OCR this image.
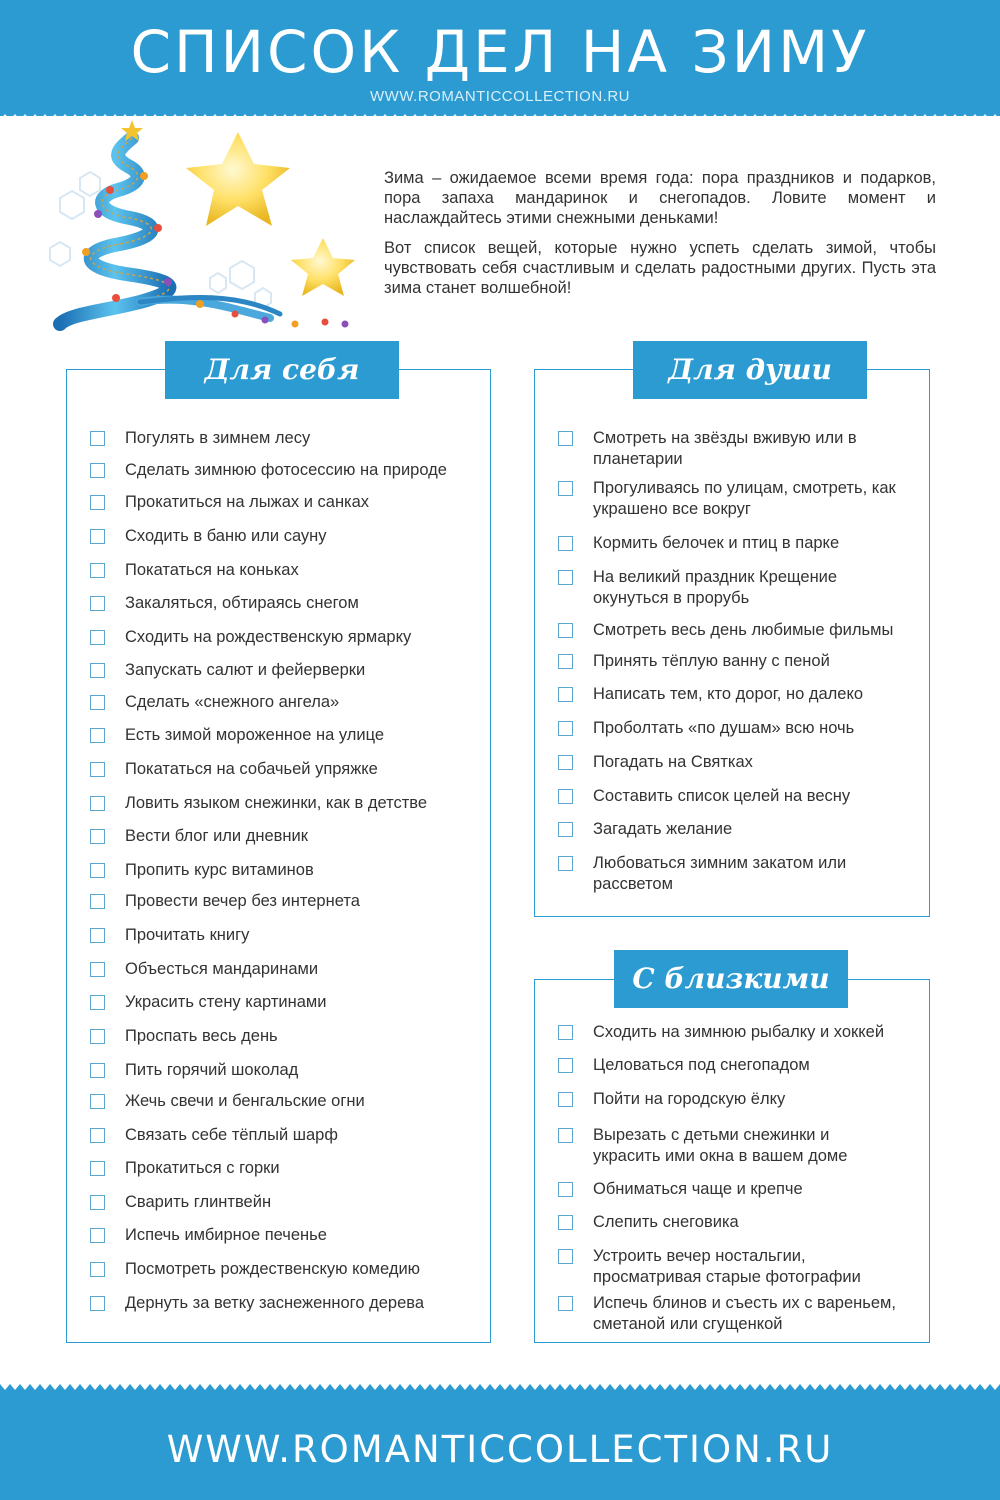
СПИСОК ДЕЛ НА ЗИМУ
WWW.ROMANTICCOLLECTION.RU

Зима – ожидаемое всеми время года: пора праздников и подарков, пора запаха мандаринок и снегопадов. Ловите момент и наслаждайтесь этими снежными деньками!

Вот список вещей, которые нужно успеть сделать зимой, чтобы чувствовать себя счастливым и сделать радостными других. Пусть эта зима станет волшебной!

Погулять в зимнем лесу
Сделать зимнюю фотосессию на природе
Прокатиться на лыжах и санках
Сходить в баню или сауну
Покататься на коньках
Закаляться, обтираясь снегом
Сходить на рождественскую ярмарку
Запускать салют и фейерверки
Сделать «снежного ангела»
Есть зимой мороженное на улице
Покататься на собачьей упряжке
Ловить языком снежинки, как в детстве
Вести блог или дневник
Пропить курс витаминов
Провести вечер без интернета
Прочитать книгу
Объесться мандаринами
Украсить стену картинами
Проспать весь день
Пить горячий шоколад
Жечь свечи и бенгальские огни
Связать себе тёплый шарф
Прокатиться с горки
Сварить глинтвейн
Испечь имбирное печенье
Посмотреть рождественскую комедию
Дернуть за ветку заснеженного дерева
Для себя
Смотреть на звёзды вживую или в планетарии
Прогуливаясь по улицам, смотреть, как украшено все вокруг
Кормить белочек и птиц в парке
На великий праздник Крещение окунуться в прорубь
Смотреть весь день любимые фильмы
Принять тёплую ванну с пеной
Написать тем, кто дорог, но далеко
Проболтать «по душам» всю ночь
Погадать на Святках
Составить список целей на весну
Загадать желание
Любоваться зимним закатом или рассветом
Для души
Сходить на зимнюю рыбалку и хоккей
Целоваться под снегопадом
Пойти на городскую ёлку
Вырезать с детьми снежинки и украсить ими окна в вашем доме
Обниматься чаще и крепче
Слепить снеговика
Устроить вечер ностальгии, просматривая старые фотографии
Испечь блинов и съесть их с вареньем, сметаной или сгущенкой
С близкими
WWW.ROMANTICCOLLECTION.RU
